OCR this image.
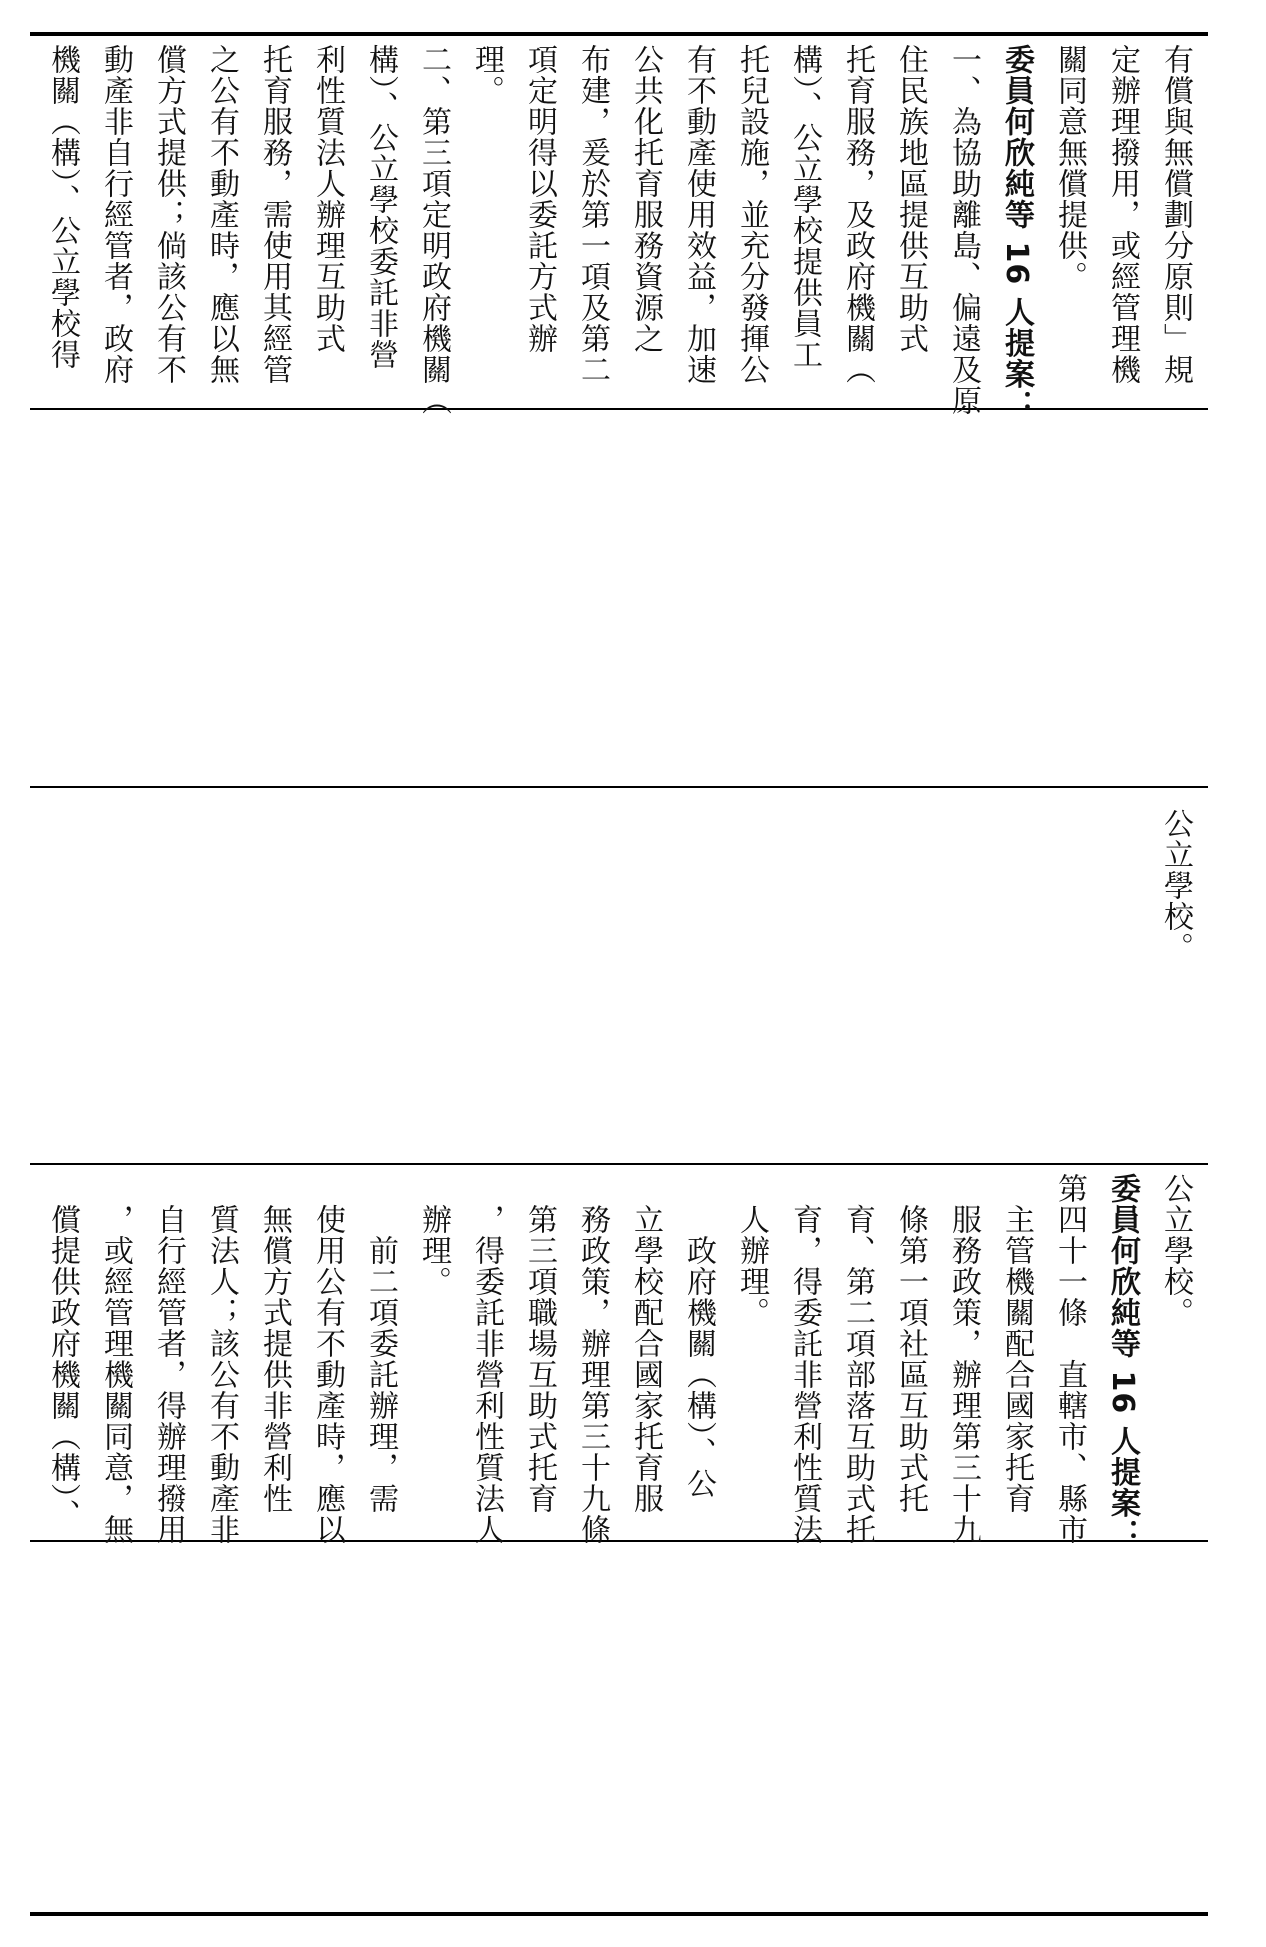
有償與無償劃分原則」規
定辦理撥用，或經管理機
關同意無償提供。
委員何欣純等 16 人提案：
一、為協助離島、偏遠及原
住民族地區提供互助式
托育服務，及政府機關（
構）、公立學校提供員工
托兒設施，並充分發揮公
有不動產使用效益，加速
公共化托育服務資源之
布建，爰於第一項及第二
項定明得以委託方式辦
理。
二、第三項定明政府機關（
構）、公立學校委託非營
利性質法人辦理互助式
托育服務，需使用其經管
之公有不動產時，應以無
償方式提供；倘該公有不
動產非自行經管者，政府
機關（構）、公立學校得
公立學校。
公立學校。
委員何欣純等 16 人提案：
第四十一條　直轄市、縣市
　主管機關配合國家托育
　服務政策，辦理第三十九
　條第一項社區互助式托
　育、第二項部落互助式托
　育，得委託非營利性質法
　人辦理。
　　政府機關（構）、公
　立學校配合國家托育服
　務政策，辦理第三十九條
　第三項職場互助式托育
　，得委託非營利性質法人
　辦理。
　　前二項委託辦理，需
　使用公有不動產時，應以
　無償方式提供非營利性
　質法人；該公有不動產非
　自行經管者，得辦理撥用
　，或經管理機關同意，無
　償提供政府機關（構）、
